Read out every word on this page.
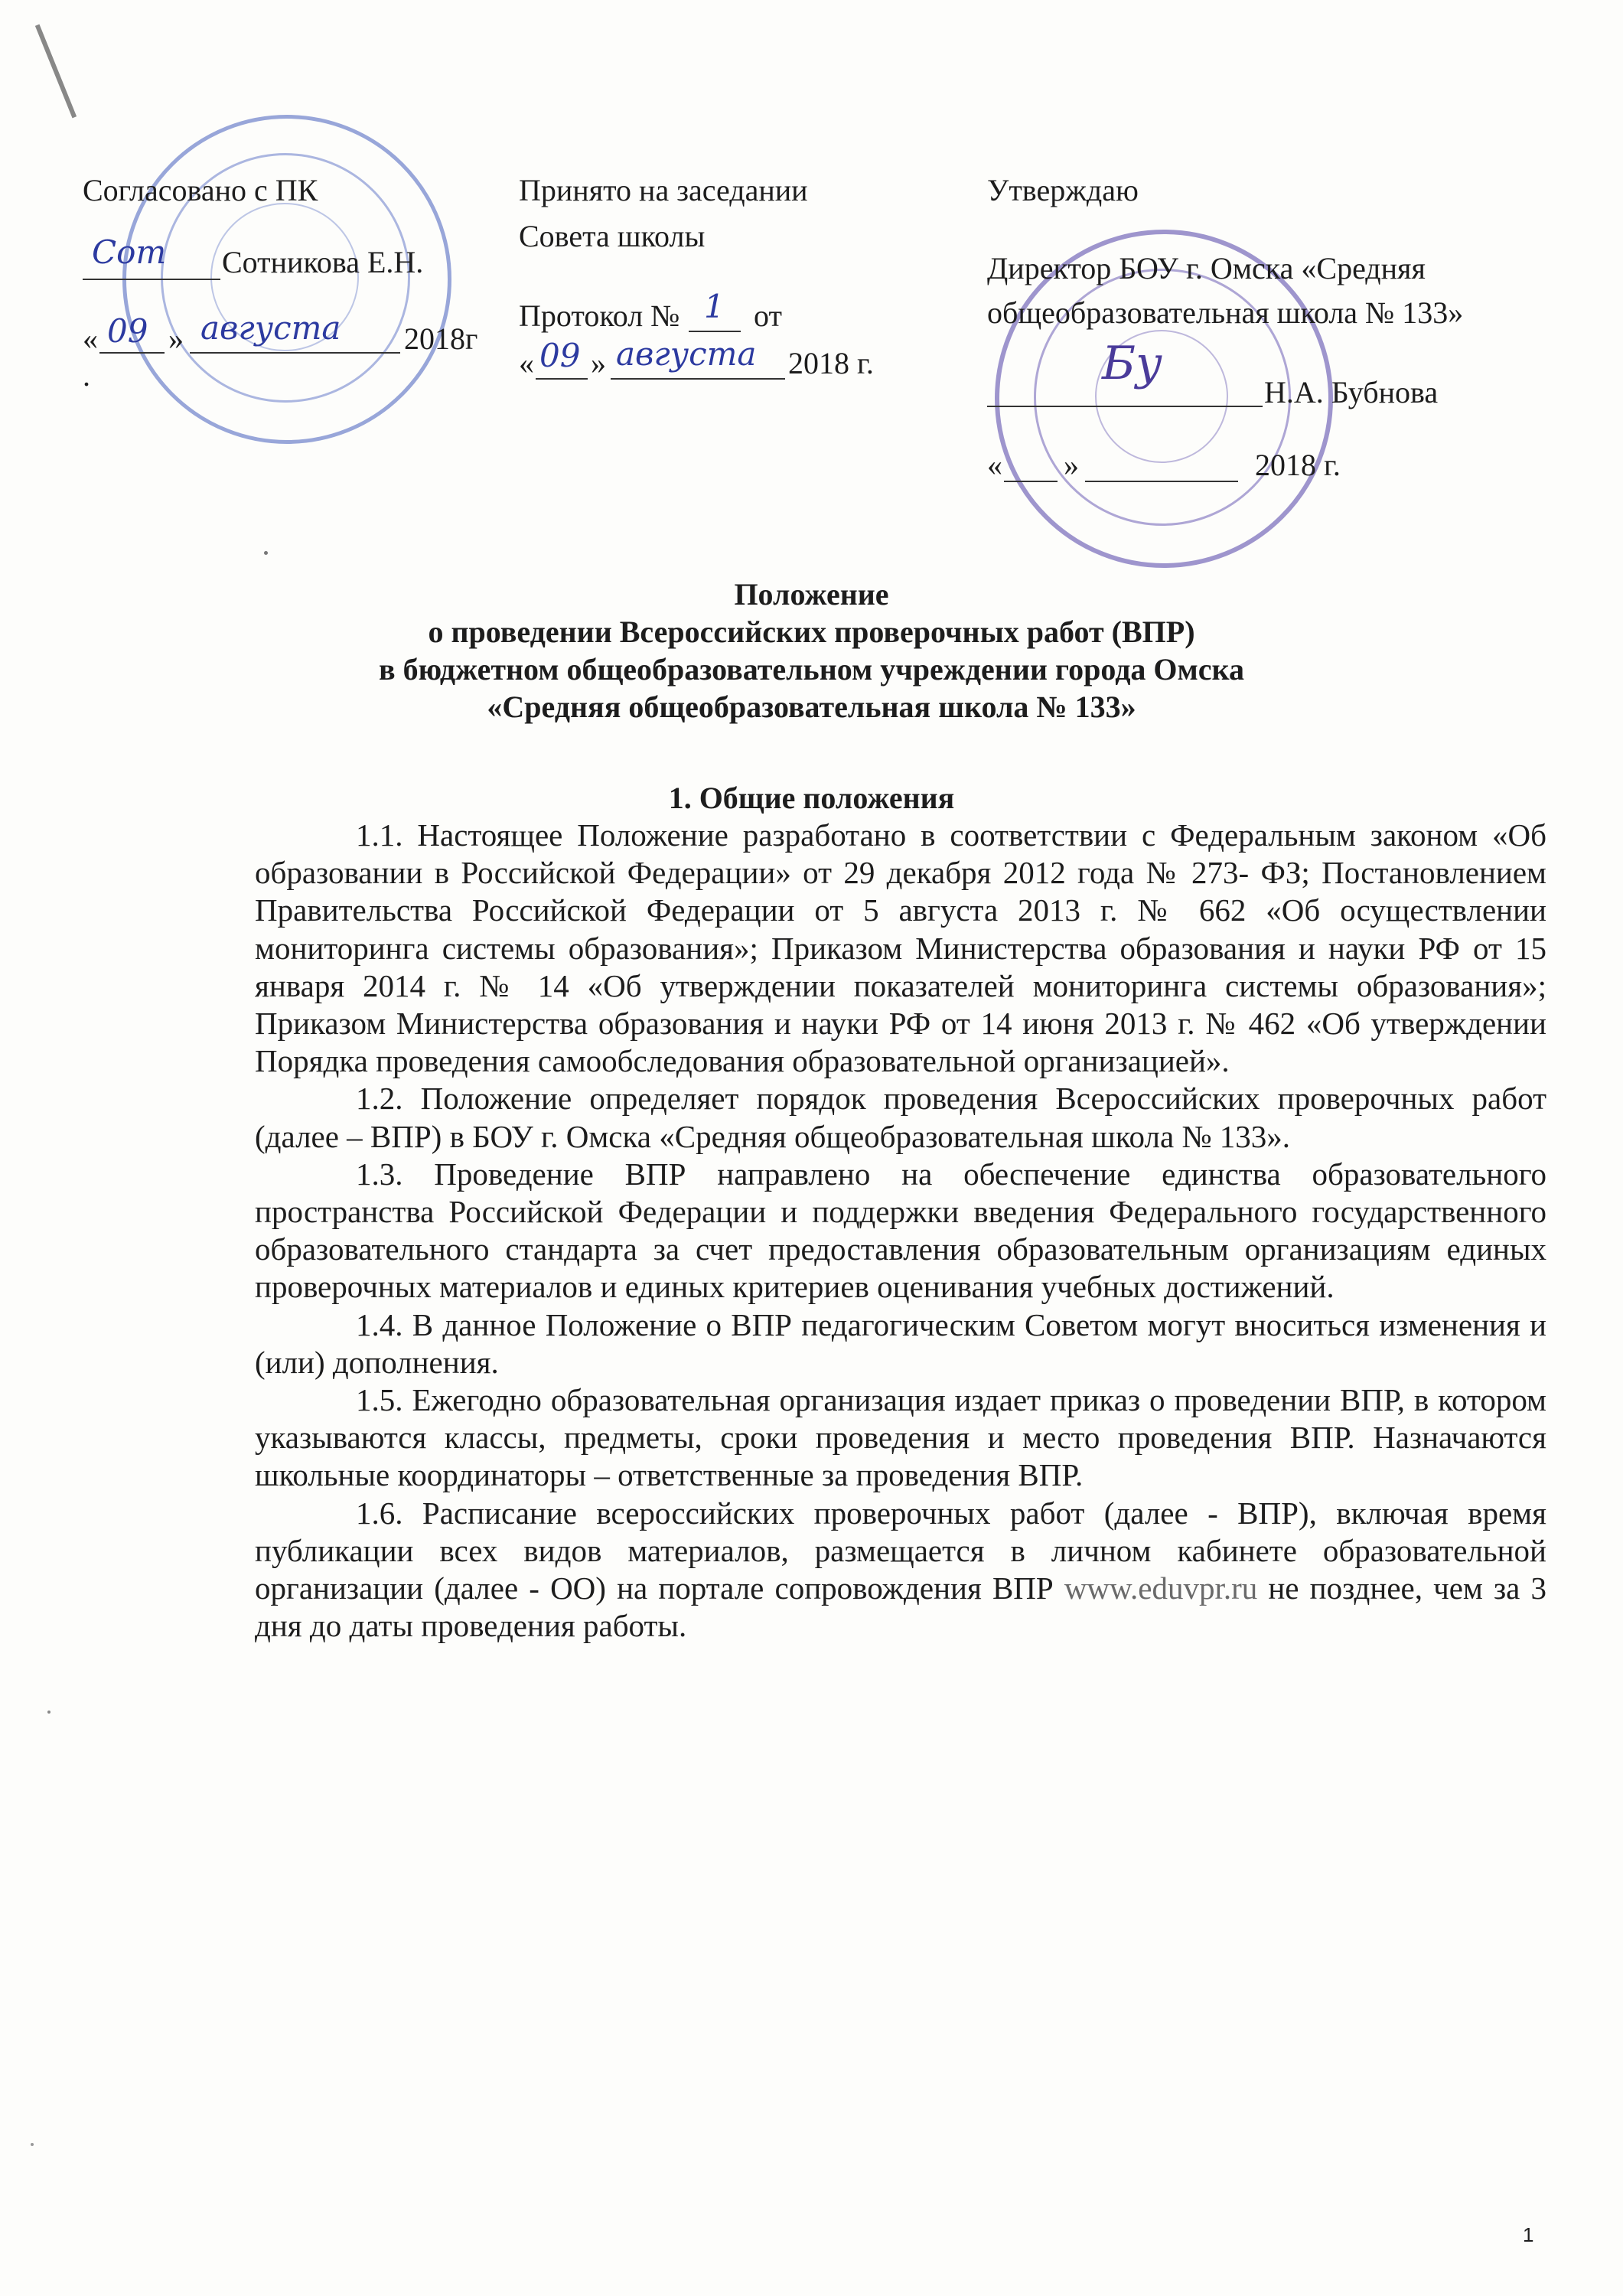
Согласовано с ПК
Сот Сотникова Е.Н.
« 09 » августа 2018г
.
Принято на заседании
Совета школы
Протокол № 1 от
« 09 » августа 2018 г.
Утверждаю
Директор БОУ г. Омска «Средняя
общеобразовательная школа № 133»
Бу
Н.А. Бубнова
« »	2018 г.
Положение
о проведении Всероссийских проверочных работ (ВПР)
в бюджетном общеобразовательном учреждении города Омска
«Средняя общеобразовательная школа № 133»
1. Общие положения

1.1. Настоящее Положение разработано в соответствии с Федеральным законом «Об образовании в Российской Федерации» от 29 декабря 2012 года № 273- ФЗ; Постановлением Правительства Российской Федерации от 5 августа 2013 г. № 662 «Об осуществлении мониторинга системы образования»; Приказом Министерства образования и науки РФ от 15 января 2014 г. № 14 «Об утверждении показателей мониторинга системы образования»; Приказом Министерства образования и науки РФ от 14 июня 2013 г. № 462 «Об утверждении Порядка проведения самообследования образовательной организацией».

1.2. Положение определяет порядок проведения Всероссийских проверочных работ (далее – ВПР) в БОУ г. Омска «Средняя общеобразовательная школа № 133».

1.3. Проведение ВПР направлено на обеспечение единства образовательного пространства Российской Федерации и поддержки введения Федерального государственного образовательного стандарта за счет предоставления образовательным организациям единых проверочных материалов и единых критериев оценивания учебных достижений.

1.4. В данное Положение о ВПР педагогическим Советом могут вноситься изменения и (или) дополнения.

1.5. Ежегодно образовательная организация издает приказ о проведении ВПР, в котором указываются классы, предметы, сроки проведения и место проведения ВПР. Назначаются школьные координаторы – ответственные за проведения ВПР.

1.6. Расписание всероссийских проверочных работ (далее - ВПР), включая время публикации всех видов материалов, размещается в личном кабинете образовательной организации (далее - ОО) на портале сопровождения ВПР www.eduvpr.ru не позднее, чем за 3 дня до даты проведения работы.

1
